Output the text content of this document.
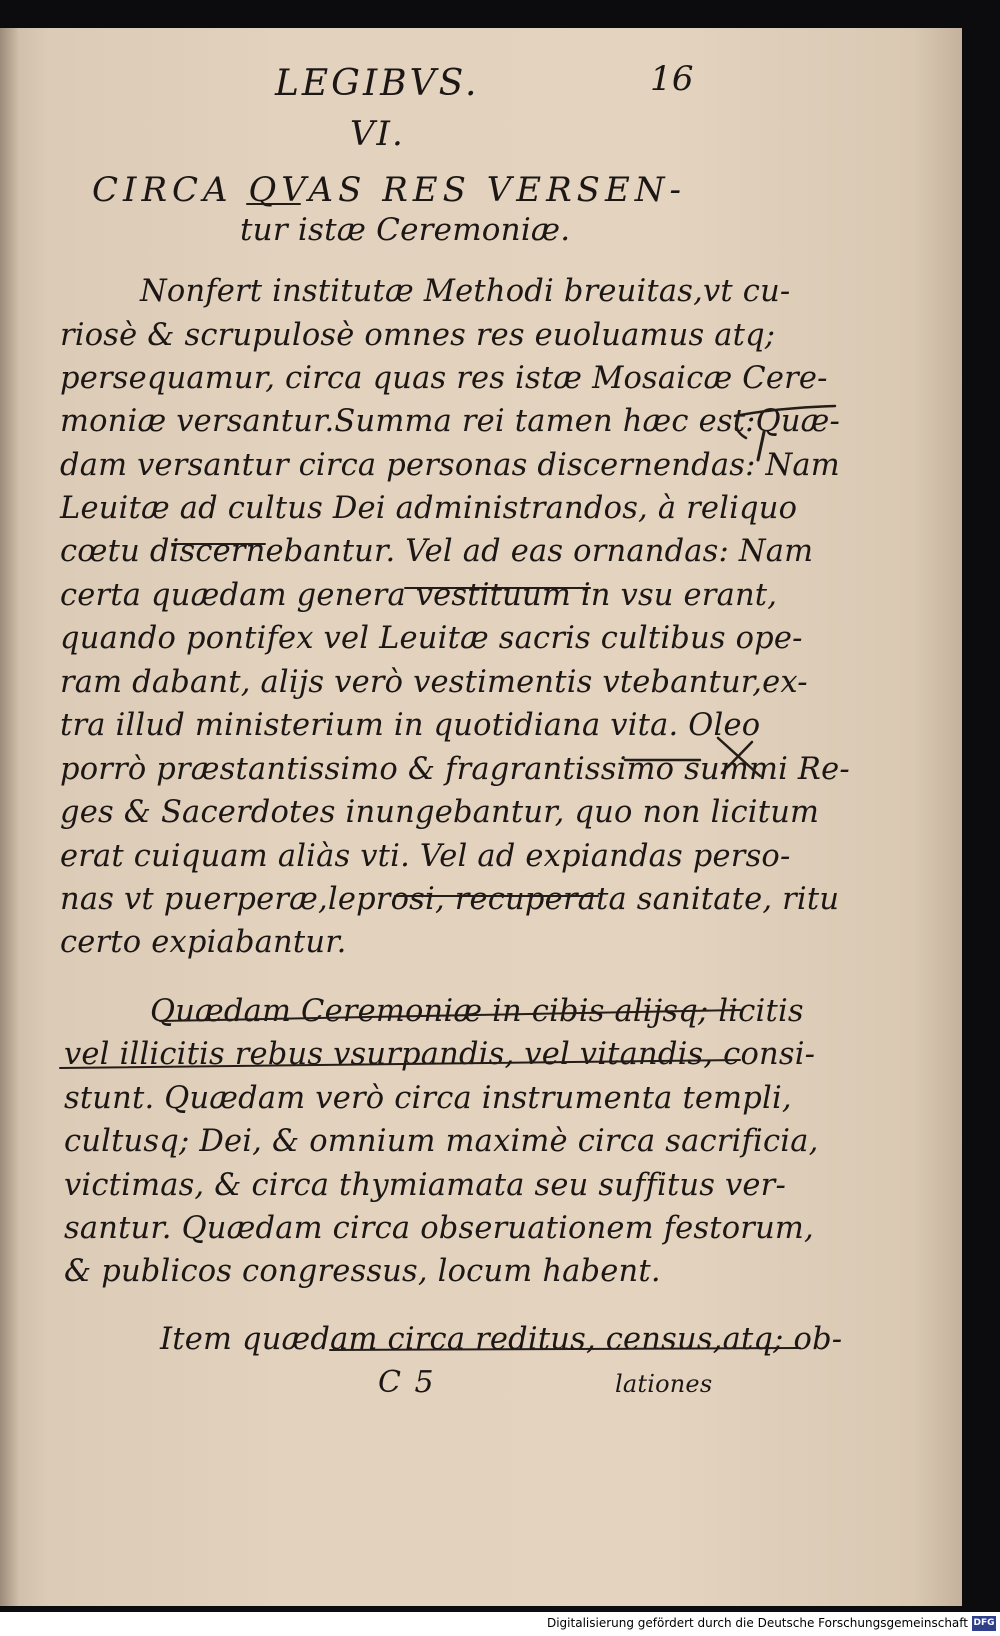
LEGIBVS.	16
VI.
CIRCA QVAS RES VERSEN-
tur istæ Ceremoniæ.
Nonfert institutæ Methodi breuitas,vt cu-
riosè & scrupulosè omnes res euoluamus atq;
persequamur, circa quas res istæ Mosaicæ Cere-
moniæ versantur.Summa rei tamen hæc est:Quæ-
dam versantur circa personas discernendas: Nam
Leuitæ ad cultus Dei administrandos, à reliquo
cœtu discernebantur. Vel ad eas ornandas: Nam
certa quædam genera vestituum in vsu erant,
quando pontifex vel Leuitæ sacris cultibus ope-
ram dabant, alijs verò vestimentis vtebantur,ex-
tra illud ministerium in quotidiana vita. Oleo
porrò præstantissimo & fragrantissimo summi Re-
ges & Sacerdotes inungebantur, quo non licitum
erat cuiquam aliàs vti. Vel ad expiandas perso-
nas vt puerperæ,leprosi, recuperata sanitate, ritu
certo expiabantur.
Quædam Ceremoniæ in cibis alijsq; licitis
vel illicitis rebus vsurpandis, vel vitandis, consi-
stunt. Quædam verò circa instrumenta templi,
cultusq; Dei, & omnium maximè circa sacrificia,
victimas, & circa thymiamata seu suffitus ver-
santur. Quædam circa obseruationem festorum,
& publicos congressus, locum habent.
Item quædam circa reditus, census,atq; ob-
C 5	lationes
Digitalisierung gefördert durch die Deutsche Forschungsgemeinschaft DFG
